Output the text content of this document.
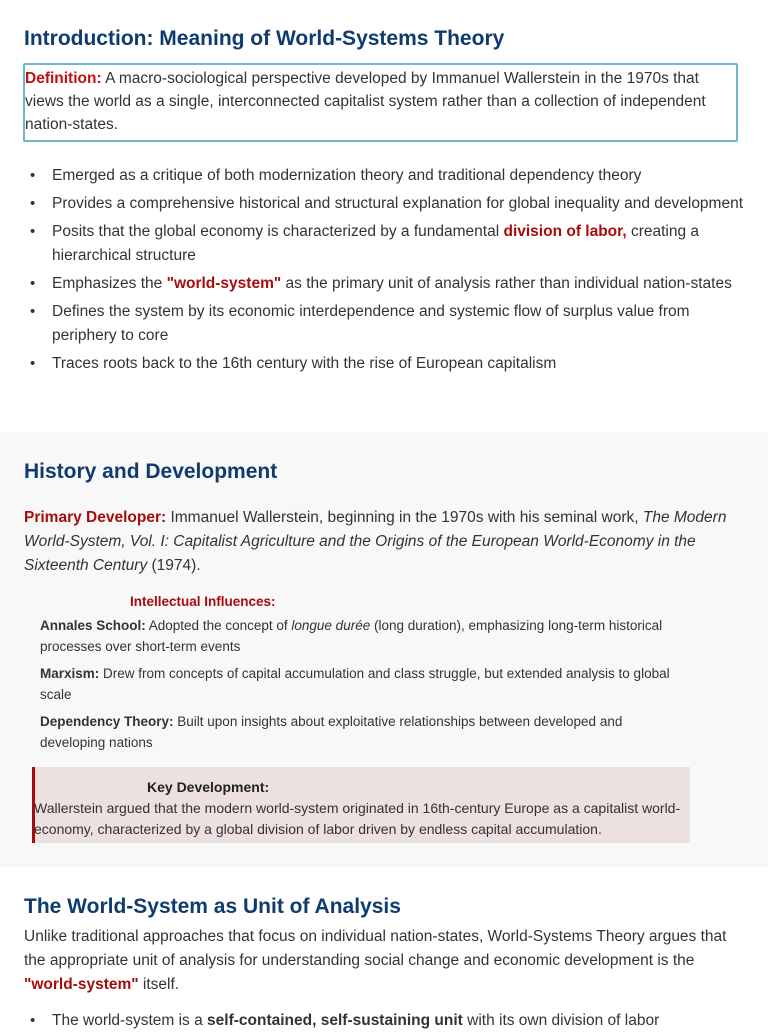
Introduction: Meaning of World-Systems Theory
Definition: A macro-sociological perspective developed by Immanuel Wallerstein in the 1970s that views the world as a single, interconnected capitalist system rather than a collection of independent nation-states.
• Emerged as a critique of both modernization theory and traditional dependency theory
• Provides a comprehensive historical and structural explanation for global inequality and development
• Posits that the global economy is characterized by a fundamental division of labor, creating a hierarchical structure
• Emphasizes the "world-system" as the primary unit of analysis rather than individual nation-states
• Defines the system by its economic interdependence and systemic flow of surplus value from periphery to core
• Traces roots back to the 16th century with the rise of European capitalism
History and Development
Primary Developer: Immanuel Wallerstein, beginning in the 1970s with his seminal work, The Modern World-System, Vol. I: Capitalist Agriculture and the Origins of the European World-Economy in the Sixteenth Century (1974).
Intellectual Influences:
Annales School: Adopted the concept of longue durée (long duration), emphasizing long-term historical processes over short-term events
Marxism: Drew from concepts of capital accumulation and class struggle, but extended analysis to global scale
Dependency Theory: Built upon insights about exploitative relationships between developed and developing nations
Key Development:
Wallerstein argued that the modern world-system originated in 16th-century Europe as a capitalist world-economy, characterized by a global division of labor driven by endless capital accumulation.
The World-System as Unit of Analysis
Unlike traditional approaches that focus on individual nation-states, World-Systems Theory argues that the appropriate unit of analysis for understanding social change and economic development is the "world-system" itself.
• The world-system is a self-contained, self-sustaining unit with its own division of labor
